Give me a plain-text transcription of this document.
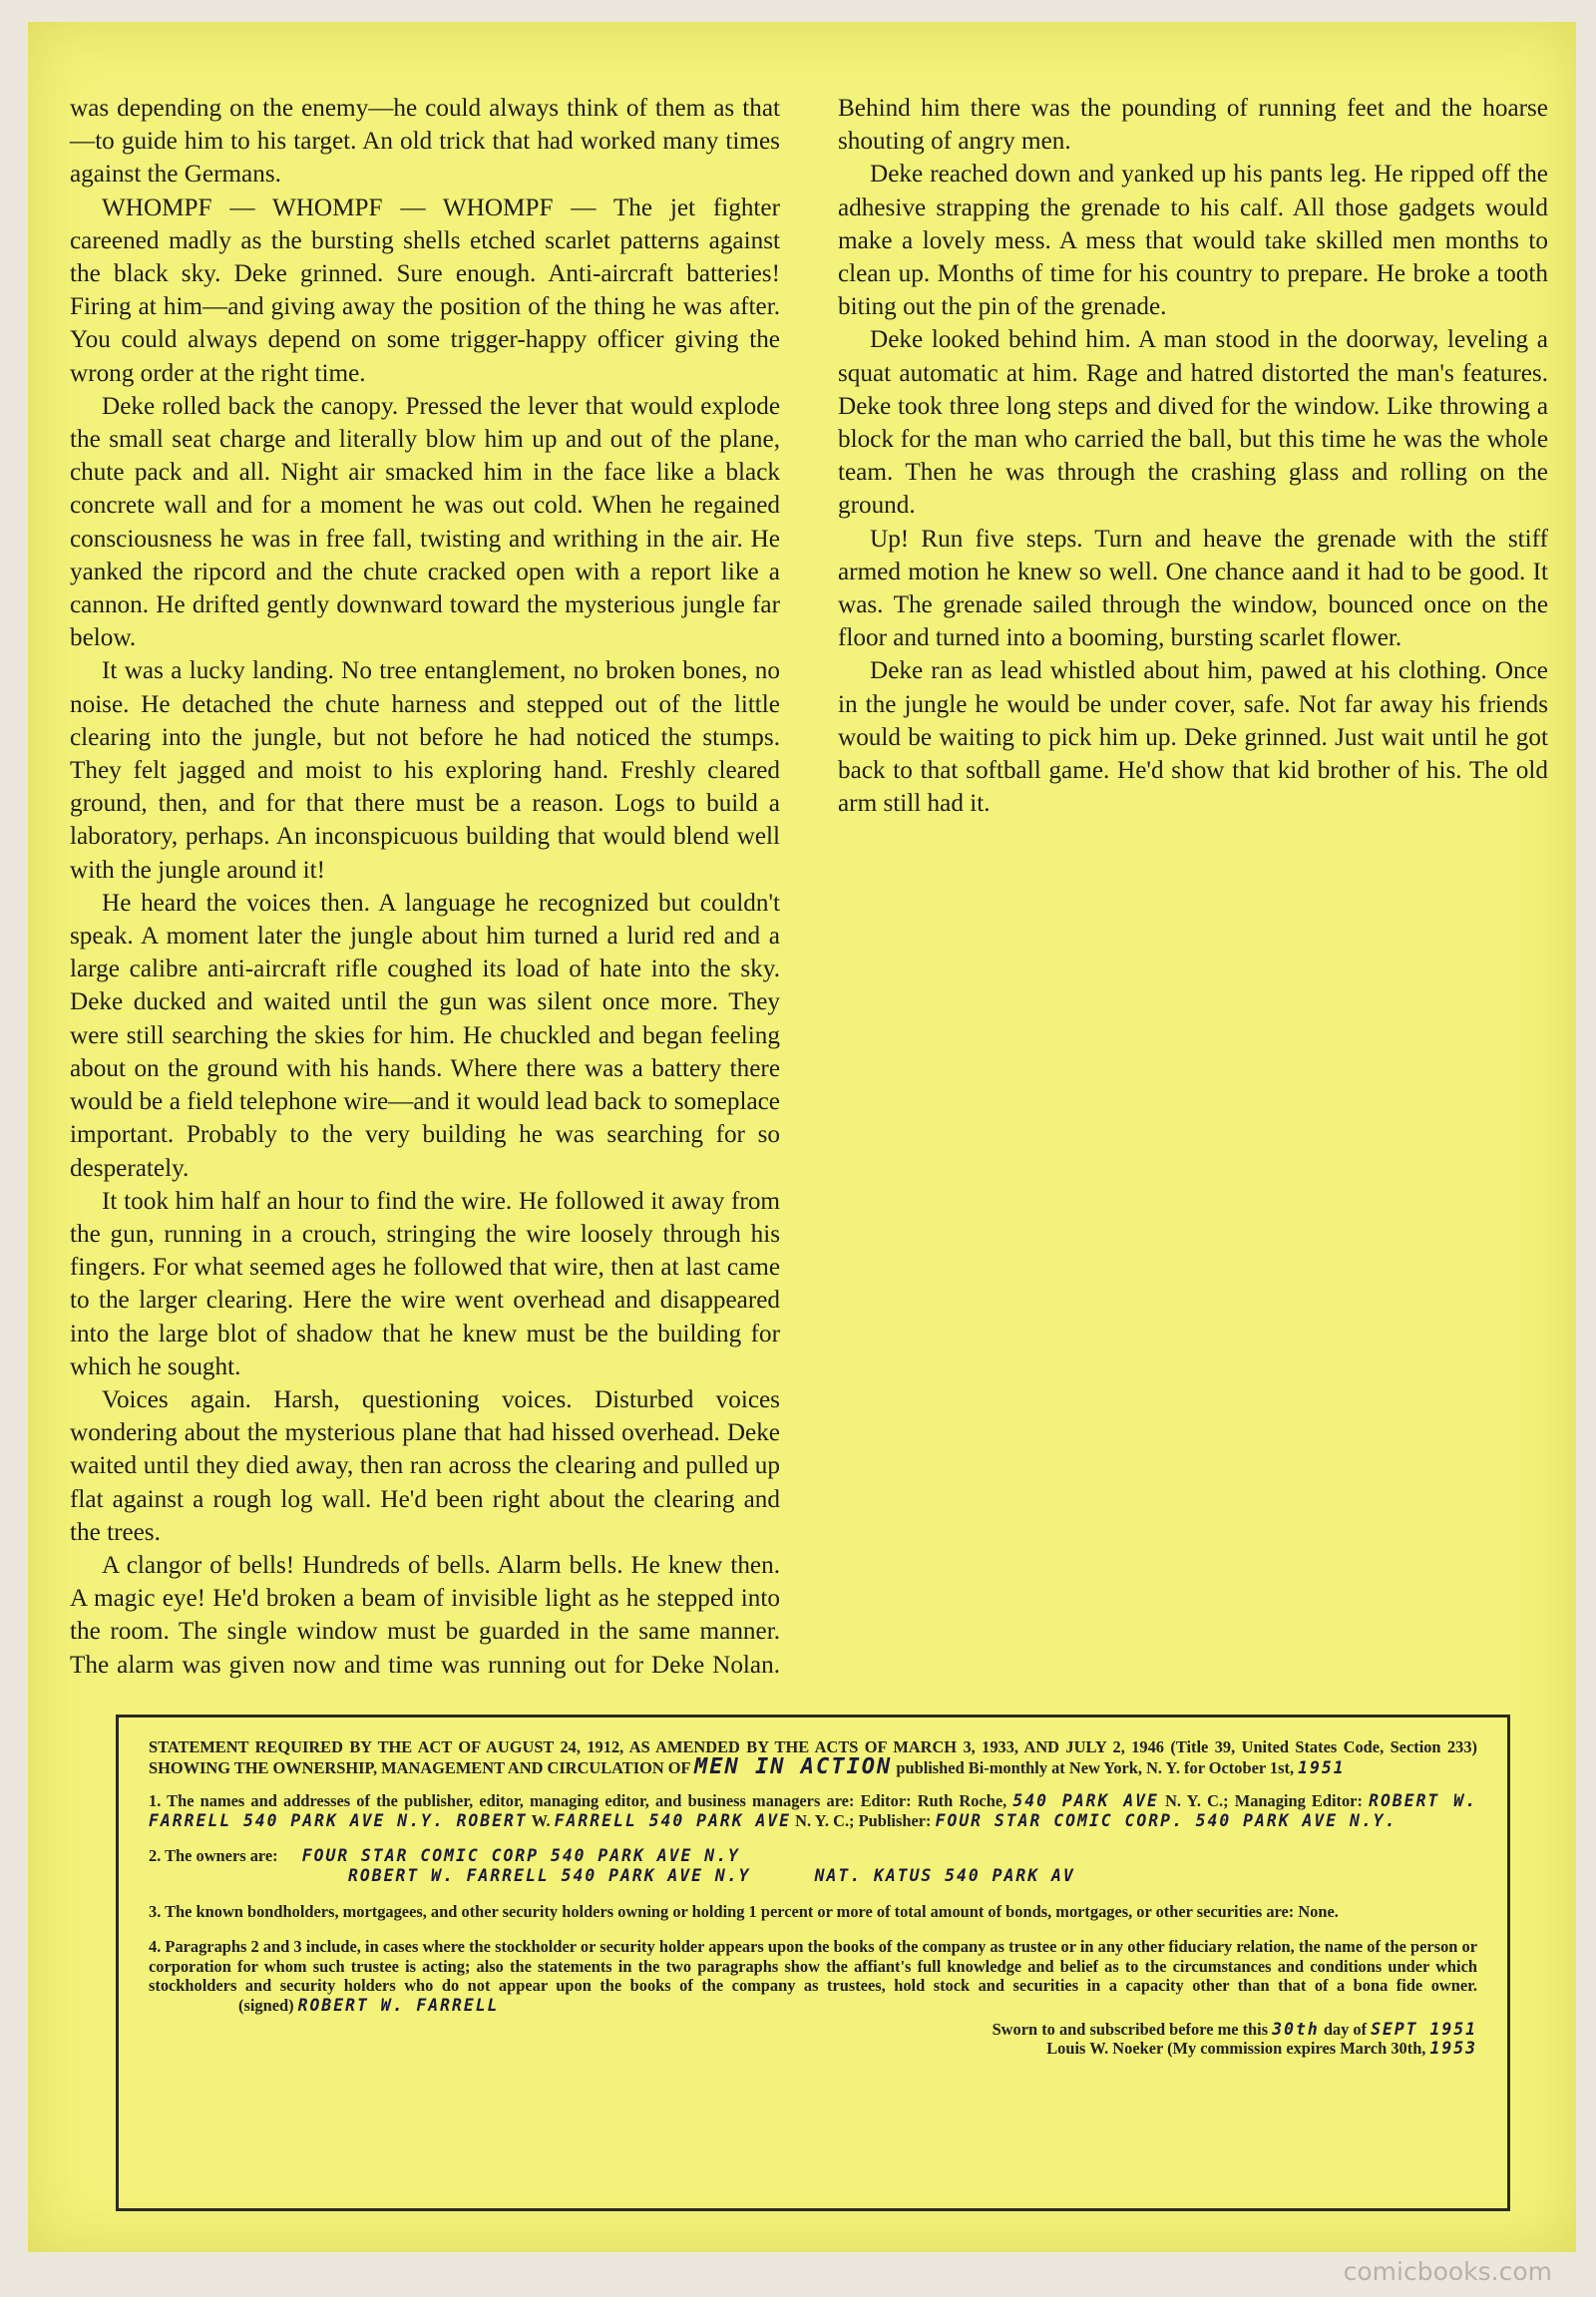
was depending on the enemy—he could always think of them as that—to guide him to his target. An old trick that had worked many times against the Germans.

WHOMPF — WHOMPF — WHOMPF — The jet fighter careened madly as the bursting shells etched scarlet patterns against the black sky. Deke grinned. Sure enough. Anti-aircraft batteries! Firing at him—and giving away the position of the thing he was after. You could always depend on some trigger-happy officer giving the wrong order at the right time.

Deke rolled back the canopy. Pressed the lever that would explode the small seat charge and literally blow him up and out of the plane, chute pack and all. Night air smacked him in the face like a black concrete wall and for a moment he was out cold. When he regained consciousness he was in free fall, twisting and writhing in the air. He yanked the ripcord and the chute cracked open with a report like a cannon. He drifted gently downward toward the mysterious jungle far below.

It was a lucky landing. No tree entanglement, no broken bones, no noise. He detached the chute harness and stepped out of the little clearing into the jungle, but not before he had noticed the stumps. They felt jagged and moist to his exploring hand. Freshly cleared ground, then, and for that there must be a reason. Logs to build a laboratory, perhaps. An inconspicuous building that would blend well with the jungle around it!

He heard the voices then. A language he recognized but couldn't speak. A moment later the jungle about him turned a lurid red and a large calibre anti-aircraft rifle coughed its load of hate into the sky. Deke ducked and waited until the gun was silent once more. They were still searching the skies for him. He chuckled and began feeling about on the ground with his hands. Where there was a battery there would be a field telephone wire—and it would lead back to someplace important. Probably to the very building he was searching for so desperately.

It took him half an hour to find the wire. He followed it away from the gun, running in a crouch, stringing the wire loosely through his fingers. For what seemed ages he followed that wire, then at last came to the larger clearing. Here the wire went overhead and disappeared into the large blot of shadow that he knew must be the building for which he sought.

Voices again. Harsh, questioning voices. Disturbed voices wondering about the mysterious plane that had hissed overhead. Deke waited until they died away, then ran across the clearing and pulled up flat against a rough log wall. He'd been right about the clearing and the trees.

A clangor of bells! Hundreds of bells. Alarm bells. He knew then. A magic eye! He'd broken a beam of invisible light as he stepped into the room. The single window must be guarded in the same manner. The alarm was given now and time was running out for Deke Nolan. Behind him there was the pounding of running feet and the hoarse shouting of angry men.

Deke reached down and yanked up his pants leg. He ripped off the adhesive strapping the grenade to his calf. All those gadgets would make a lovely mess. A mess that would take skilled men months to clean up. Months of time for his country to prepare. He broke a tooth biting out the pin of the grenade.

Deke looked behind him. A man stood in the doorway, leveling a squat automatic at him. Rage and hatred distorted the man's features. Deke took three long steps and dived for the window. Like throwing a block for the man who carried the ball, but this time he was the whole team. Then he was through the crashing glass and rolling on the ground.

Up! Run five steps. Turn and heave the grenade with the stiff armed motion he knew so well. One chance aand it had to be good. It was. The grenade sailed through the window, bounced once on the floor and turned into a booming, bursting scarlet flower.

Deke ran as lead whistled about him, pawed at his clothing. Once in the jungle he would be under cover, safe. Not far away his friends would be waiting to pick him up. Deke grinned. Just wait until he got back to that softball game. He'd show that kid brother of his. The old arm still had it.

STATEMENT REQUIRED BY THE ACT OF AUGUST 24, 1912, AS AMENDED BY THE ACTS OF MARCH 3, 1933, AND JULY 2, 1946 (Title 39, United States Code, Section 233) SHOWING THE OWNERSHIP, MANAGEMENT AND CIRCULATION OF MEN IN ACTION published Bi-monthly at New York, N. Y. for October 1st, 1951

1. The names and addresses of the publisher, editor, managing editor, and business managers are: Editor: Ruth Roche, 540 PARK AVE N. Y. C.; Managing Editor: ROBERT W. FARRELL 540 PARK AVE N.Y. ROBERT W. FARRELL 540 PARK AVE N. Y. C.; Publisher: FOUR STAR COMIC CORP. 540 PARK AVE N.Y.

2. The owners are: FOUR STAR COMIC CORP 540 PARK AVE N.Y
ROBERT W. FARRELL 540 PARK AVE N.Y	NAT. KATUS 540 PARK AV

3. The known bondholders, mortgagees, and other security holders owning or holding 1 percent or more of total amount of bonds, mortgages, or other securities are: None.

4. Paragraphs 2 and 3 include, in cases where the stockholder or security holder appears upon the books of the company as trustee or in any other fiduciary relation, the name of the person or corporation for whom such trustee is acting; also the statements in the two paragraphs show the affiant's full knowledge and belief as to the circumstances and conditions under which stockholders and security holders who do not appear upon the books of the company as trustees, hold stock and securities in a capacity other than that of a bona fide owner. (signed) ROBERT W. FARRELL

Sworn to and subscribed before me this 30th day of SEPT 1951

Louis W. Noeker (My commission expires March 30th, 1953

comicbooks.com
